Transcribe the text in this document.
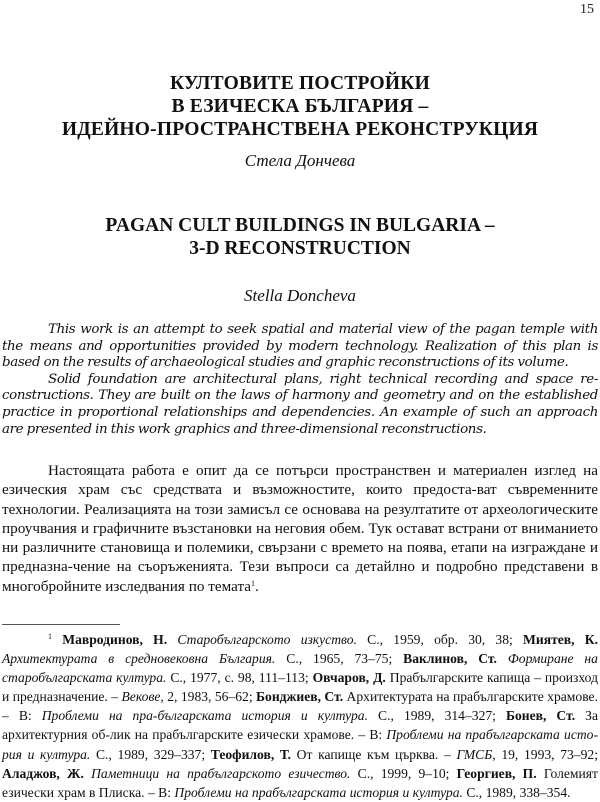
15
КУЛТОВИТЕ ПОСТРОЙКИ
В ЕЗИЧЕСКА БЪЛГАРИЯ –
ИДЕЙНО-ПРОСТРАНСТВЕНА РЕКОНСТРУКЦИЯ
Стела Дончева
PAGAN CULT BUILDINGS IN BULGARIA –
3-D RECONSTRUCTION
Stella Doncheva

This work is an attempt to seek spatial and material view of the pagan temple with the means and opportunities provided by modern technology. Realization of this plan is based on the results of archaeological studies and graphic reconstructions of its volume.

Solid foundation are architectural plans, right technical recording and space re-constructions. They are built on the laws of harmony and geometry and on the established practice in proportional relationships and dependencies. An example of such an approach are presented in this work graphics and three-dimensional reconstructions.

Настоящата работа е опит да се потърси пространствен и материален изглед на езическия храм със средствата и възможностите, които предоста-ват съвременните технологии. Реализацията на този замисъл се основава на резултатите от археологическите проучвания и графичните възстановки на неговия обем. Тук остават встрани от вниманието ни различните становища и полемики, свързани с времето на поява, етапи на изграждане и предназна-чение на съоръженията. Тези въпроси са детайлно и подробно представени в многобройните изследвания по темата$^1$.

$^1$ Мавродинов, Н. Старобългарското изкуство. С., 1959, обр. 30, 38; Миятев, К. Архитектурата в средновековна България. С., 1965, 73–75; Ваклинов, Ст. Формиране на старобългарската култура. С., 1977, с. 98, 111–113; Овчаров, Д. Прабългарските капища – произход и предназначение. – Векове, 2, 1983, 56–62; Бонджиев, Ст. Архитектурата на прабългарските храмове. – В: Проблеми на пра-българската история и култура. С., 1989, 314–327; Бонев, Ст. За архитектурния об-лик на прабългарските езически храмове. – В: Проблеми на прабългарската исто-рия и култура. С., 1989, 329–337; Теофилов, Т. От капище към църква. – ГМСБ, 19, 1993, 73–92; Аладжов, Ж. Паметници на прабългарското езичество. С., 1999, 9–10; Георгиев, П. Големият езически храм в Плиска. – В: Проблеми на прабългарската история и култура. С., 1989, 338–354.
